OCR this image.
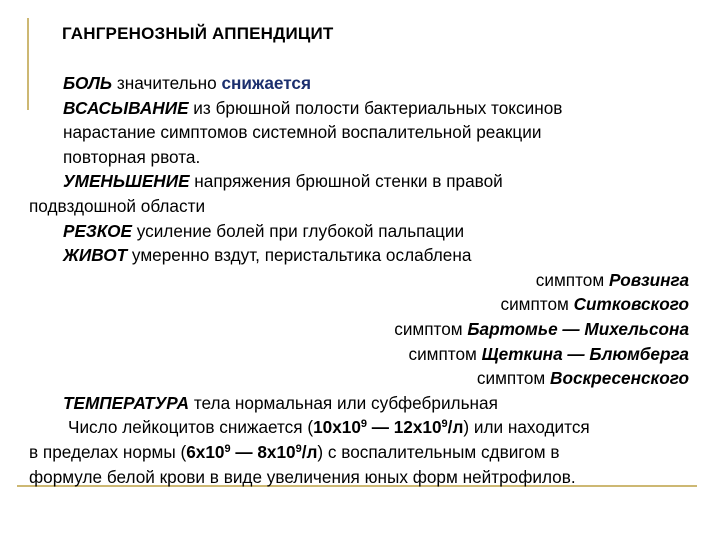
ГАНГРЕНОЗНЫЙ АППЕНДИЦИТ
БОЛЬ значительно снижается
ВСАСЫВАНИЕ из брюшной полости бактериальных токсинов
нарастание симптомов системной воспалительной реакции
повторная рвота.
УМЕНЬШЕНИЕ напряжения брюшной стенки в правой
подвздошной области
РЕЗКОЕ усиление болей при глубокой пальпации
ЖИВОТ умеренно вздут, перистальтика ослаблена
симптом Ровзинга
симптом Ситковского
симптом Бартомье — Михельсона
симптом Щеткина — Блюмберга
симптом Воскресенского
ТЕМПЕРАТУРА тела нормальная или субфебрильная
Число лейкоцитов снижается ($10х10^9$ — $12х10^9/л$) или находится
в пределах нормы ($6х10^9$ — $8х10^9/л$) с воспалительным сдвигом в
формуле белой крови в виде увеличения юных форм нейтрофилов.
